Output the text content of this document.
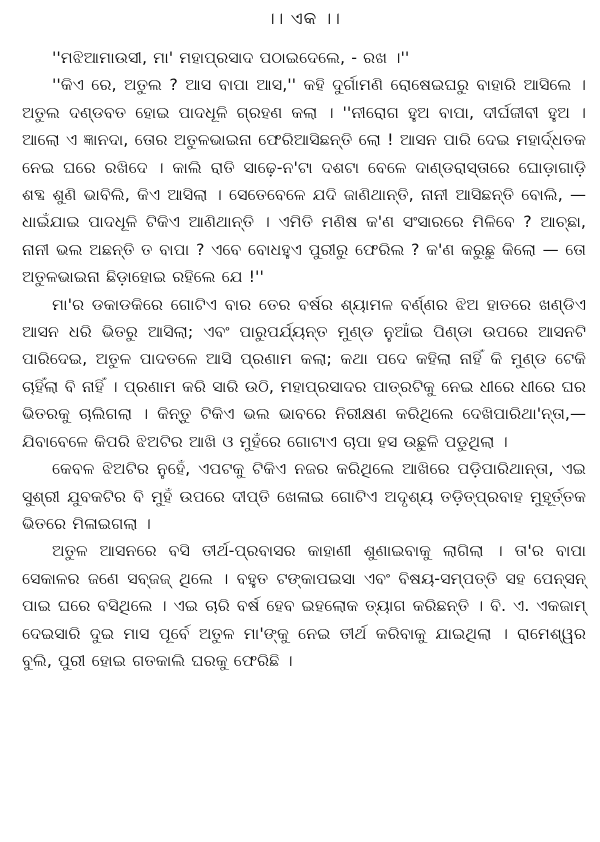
।। ଏକ ।।

''ମଝିଆମାଉସୀ, ମା' ମହାପ୍ରସାଦ ପଠାଇଦେଲେ, - ରଖ ।''

''କିଏ ରେ, ଅତୁଲ ? ଆସ ବାପା ଆସ,'' କହି ଦୁର୍ଗାମଣି ରୋଷେଇଘରୁ ବାହାରି ଆସିଲେ । ଅତୁଲ ଦଣ୍ଡବତ ହୋଇ ପାଦଧୂଳି ଗ୍ରହଣ କଲା । ''ନୀରୋଗ ହୁଅ ବାପା, ଦୀର୍ଘଜୀବୀ ହୁଅ । ଆଲୋ ଏ ଜ୍ଞାନଦା, ତୋର ଅତୁଳଭାଇନା ଫେରିଆସିଛନ୍ତି ଲୋ ! ଆସନ ପାରି ଦେଇ ମହାର୍ଦ୍ଧତକ ନେଇ ଘରେ ରଖିଦେ । କାଲି ରାତି ସାଢ଼େ-ନ'ଟା ଦଶଟା ବେଳେ ଦାଣ୍ଡରାସ୍ତାରେ ଘୋଡ଼ାଗାଡ଼ି ଶବ୍ଦ ଶୁଣି ଭାବିଲି, କିଏ ଆସିଲା । ସେତେବେଳେ ଯଦି ଜାଣିଥାନ୍ତି, ନାନୀ ଆସିଛନ୍ତି ବୋଲି, —ଧାଇଁଯାଇ ପାଦଧୂଳି ଟିକିଏ ଆଣିଥାନ୍ତି । ଏମିତି ମଣିଷ କ'ଣ ସଂସାରରେ ମିଳିବେ ? ଆଚ୍ଛା, ନାନୀ ଭଲ ଅଛନ୍ତି ତ ବାପା ? ଏବେ ବୋଧହୁଏ ପୁରୀରୁ ଫେରିଲ ? କ'ଣ କରୁଛୁ କିଲୋ — ତୋ ଅତୁଳଭାଇନା ଛିଡ଼ାହୋଇ ରହିଲେ ଯେ !''

ମା'ର ଡକାଡକିରେ ଗୋଟିଏ ବାର ତେର ବର୍ଷର ଶ୍ୟାମଳ ବର୍ଣ୍ଣର ଝିଅ ହାତରେ ଖଣ୍ଡିଏ ଆସନ ଧରି ଭିତରୁ ଆସିଲା; ଏବଂ ପାରୁପର୍ଯ୍ୟନ୍ତ ମୁଣ୍ଡ ନୁଆଁଇ ପିଣ୍ଡା ଉପରେ ଆସନଟି ପାରିଦେଇ, ଅତୁଳ ପାଦତଳେ ଆସି ପ୍ରଣାମ କଲା; କଥା ପଦେ କହିଲା ନାହିଁ କି ମୁଣ୍ଡ ଟେକି ଚାହିଁଲା ବି ନାହିଁ । ପ୍ରଣାମ କରି ସାରି ଉଠି, ମହାପ୍ରସାଦର ପାତ୍ରଟିକୁ ନେଇ ଧୀରେ ଧୀରେ ଘର ଭିତରକୁ ଚାଲିଗଲା । କିନ୍ତୁ ଟିକିଏ ଭଲ ଭାବରେ ନିରୀକ୍ଷଣ କରିଥିଲେ ଦେଖିପାରିଥା'ନ୍ତା,— ଯିବାବେଳେ କିପରି ଝିଅଟିର ଆଖି ଓ ମୁହଁରେ ଗୋଟାଏ ଚାପା ହସ ଉଛୁଳି ପଡୁଥିଲା ।

କେବଳ ଝିଅଟିର ନୁହେଁ, ଏପଟକୁ ଟିକିଏ ନଜର କରିଥିଲେ ଆଖିରେ ପଡ଼ିପାରିଥାନ୍ତା, ଏଇ ସୁଶ୍ରୀ ଯୁବକଟିର ବି ମୁହଁ ଉପରେ ଦୀପ୍ତି ଖେଳାଇ ଗୋଟିଏ ଅଦୃଶ୍ୟ ତଡ଼ିତ୍‌ପ୍ରବାହ ମୁହୂର୍ତ୍ତକ ଭିତରେ ମିଳାଇଗଲା ।

ଅତୁଳ ଆସନରେ ବସି ତୀର୍ଥ-ପ୍ରବାସର କାହାଣୀ ଶୁଣାଇବାକୁ ଲାଗିଲା । ତା'ର ବାପା ସେକାଳର ଜଣେ ସବ୍‌ଜଜ୍‌ ଥିଲେ । ବହୁତ ଟଙ୍କାପଇସା ଏବଂ ବିଷୟ-ସମ୍ପତ୍ତି ସହ ପେନ୍‌ସନ୍‌ ପାଇ ଘରେ ବସିଥିଲେ । ଏଇ ଚାରି ବର୍ଷ ହେବ ଇହଲୋକ ତ୍ୟାଗ କରିଛନ୍ତି । ବି. ଏ. ଏକଜାମ୍‌ ଦେଇସାରି ଦୁଇ ମାସ ପୂର୍ବେ ଅତୁଳ ମା'ଙ୍କୁ ନେଇ ତୀର୍ଥ କରିବାକୁ ଯାଇଥିଲା । ରାମେଶ୍ୱର ବୁଲି, ପୁରୀ ହୋଇ ଗତକାଲି ଘରକୁ ଫେରିଛି ।
